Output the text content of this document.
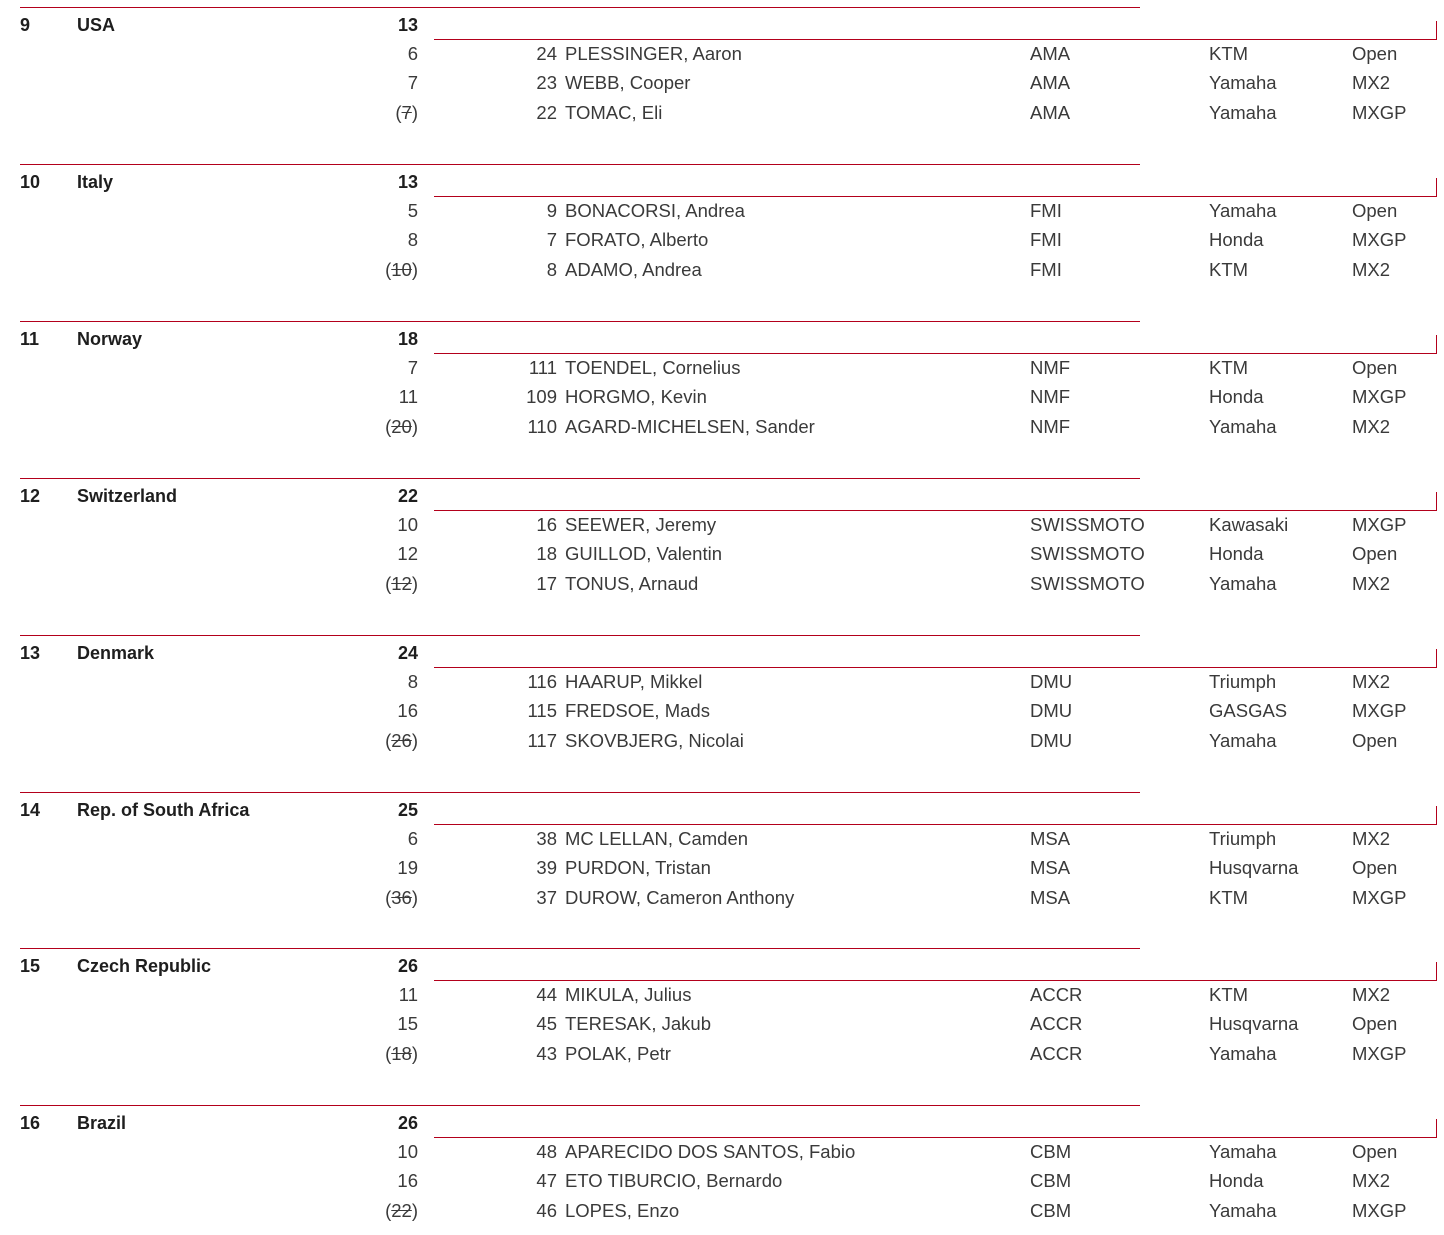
9	USA	13
6	24 PLESSINGER, Aaron	AMA	KTM	Open
7	23 WEBB, Cooper	AMA	Yamaha	MX2
(7)	22 TOMAC, Eli	AMA	Yamaha	MXGP
10 Italy	13
5	9 BONACORSI, Andrea	FMI	Yamaha	Open
8	7 FORATO, Alberto	FMI	Honda	MXGP
(10)	8 ADAMO, Andrea	FMI	KTM	MX2
11 Norway	18
7	111 TOENDEL, Cornelius	NMF	KTM	Open
11	109 HORGMO, Kevin	NMF	Honda	MXGP
(20)	110 AGARD-MICHELSEN, Sander	NMF	Yamaha	MX2
12 Switzerland	22
10	16 SEEWER, Jeremy	SWISSMOTO	Kawasaki	MXGP
12	18 GUILLOD, Valentin	SWISSMOTO	Honda	Open
(12)	17 TONUS, Arnaud	SWISSMOTO	Yamaha	MX2
13 Denmark	24
8	116 HAARUP, Mikkel	DMU	Triumph	MX2
16	115 FREDSOE, Mads	DMU	GASGAS	MXGP
(26)	117 SKOVBJERG, Nicolai	DMU	Yamaha	Open
14 Rep. of South Africa	25
6	38 MC LELLAN, Camden	MSA	Triumph	MX2
19	39 PURDON, Tristan	MSA	Husqvarna	Open
(36)	37 DUROW, Cameron Anthony	MSA	KTM	MXGP
15 Czech Republic	26
11	44 MIKULA, Julius	ACCR	KTM	MX2
15	45 TERESAK, Jakub	ACCR	Husqvarna	Open
(18)	43 POLAK, Petr	ACCR	Yamaha	MXGP
16 Brazil	26
10	48 APARECIDO DOS SANTOS, Fabio	CBM	Yamaha	Open
16	47 ETO TIBURCIO, Bernardo	CBM	Honda	MX2
(22)	46 LOPES, Enzo	CBM	Yamaha	MXGP
